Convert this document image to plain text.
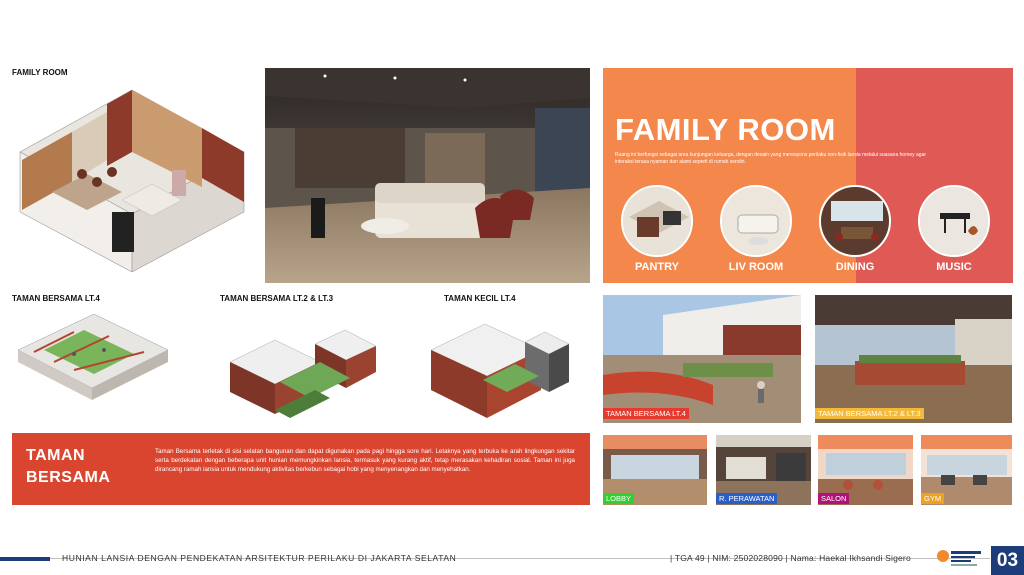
FAMILY ROOM
FAMILY ROOM
Ruang ini berfungsi sebagai area kunjungan keluarga, dengan desain yang merespons perilaku non-fisik lansia melalui suasana homey agar interaksi terasa nyaman dan alami seperti di rumah sendiri.
PANTRY	LIV ROOM	DINING	MUSIC
TAMAN BERSAMA LT.4	TAMAN BERSAMA LT.2 & LT.3	TAMAN KECIL LT.4
TAMAN
BERSAMA
Taman Bersama terletak di sisi selatan bangunan dan dapat digunakan pada pagi hingga sore hari. Letaknya yang terbuka ke arah lingkungan sekitar serta berdekatan dengan beberapa unit hunian memungkinkan lansia, termasuk yang kurang aktif, tetap merasakan kehadiran sosial. Taman ini juga dirancang ramah lansia untuk mendukung aktivitas berkebun sebagai hobi yang menyenangkan dan menyehatkan.
TAMAN BERSAMA LT.4	TAMAN BERSAMA LT.2 & LT.3
LOBBY	R. PERAWATAN	SALON	GYM
HUNIAN LANSIA DENGAN PENDEKATAN ARSITEKTUR PERILAKU DI JAKARTA SELATAN	| TGA 49 | NIM: 2502028090 | Nama: Haekal Ikhsandi Sigero	03
